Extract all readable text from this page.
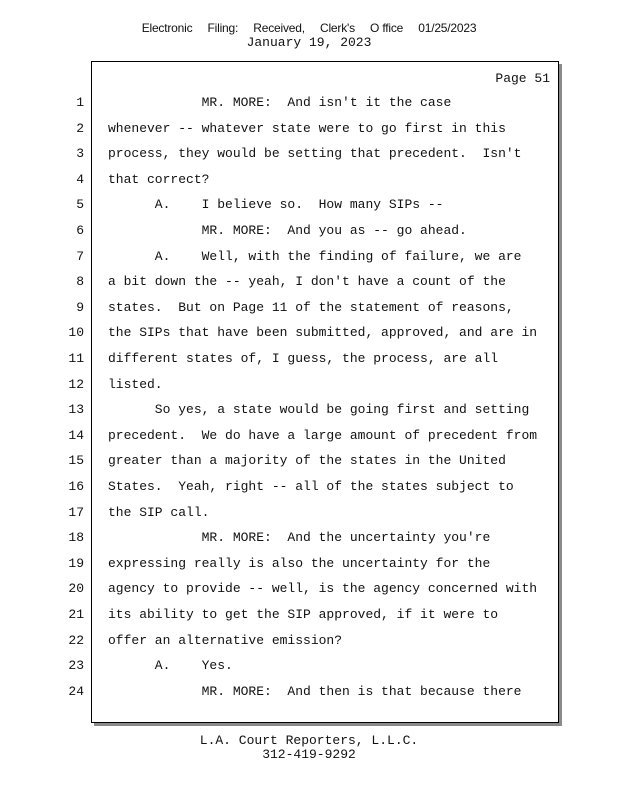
Electronic Filing: Received, Clerk's O ffice 01/25/2023
January 19, 2023
Page 51
1 MR. MORE:  And isn't it the case
2 whenever -- whatever state were to go first in this
3 process, they would be setting that precedent.  Isn't
4 that correct?
5 A.    I believe so.  How many SIPs --
6 MR. MORE:  And you as -- go ahead.
7 A.    Well, with the finding of failure, we are
8 a bit down the -- yeah, I don't have a count of the
9 states.  But on Page 11 of the statement of reasons,
10 the SIPs that have been submitted, approved, and are in
11 different states of, I guess, the process, are all
12 listed.
13 So yes, a state would be going first and setting
14 precedent.  We do have a large amount of precedent from
15 greater than a majority of the states in the United
16 States.  Yeah, right -- all of the states subject to
17 the SIP call.
18 MR. MORE:  And the uncertainty you're
19 expressing really is also the uncertainty for the
20 agency to provide -- well, is the agency concerned with
21 its ability to get the SIP approved, if it were to
22 offer an alternative emission?
23 A.    Yes.
24 MR. MORE:  And then is that because there
L.A. Court Reporters, L.L.C.
312-419-9292
